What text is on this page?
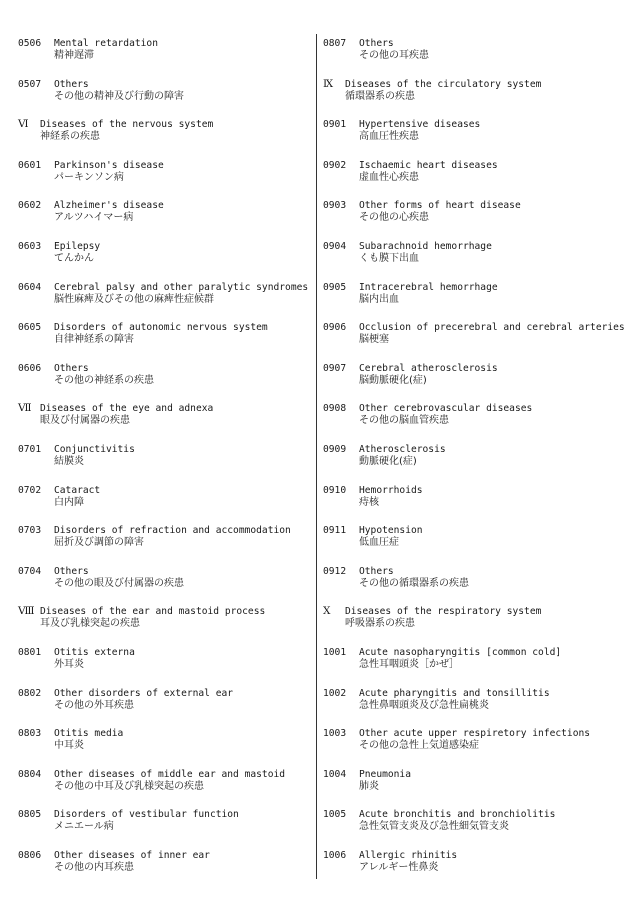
0506 Mental retardation
精神遅滞
0507 Others
その他の精神及び行動の障害
Ⅵ Diseases of the nervous system
神経系の疾患
0601 Parkinson's disease
パーキンソン病
0602 Alzheimer's disease
アルツハイマー病
0603 Epilepsy
てんかん
0604 Cerebral palsy and other paralytic syndromes
脳性麻痺及びその他の麻痺性症候群
0605 Disorders of autonomic nervous system
自律神経系の障害
0606 Others
その他の神経系の疾患
Ⅶ Diseases of the eye and adnexa
眼及び付属器の疾患
0701 Conjunctivitis
結膜炎
0702 Cataract
白内障
0703 Disorders of refraction and accommodation
屈折及び調節の障害
0704 Others
その他の眼及び付属器の疾患
Ⅷ Diseases of the ear and mastoid process
耳及び乳様突起の疾患
0801 Otitis externa
外耳炎
0802 Other disorders of external ear
その他の外耳疾患
0803 Otitis media
中耳炎
0804 Other diseases of middle ear and mastoid
その他の中耳及び乳様突起の疾患
0805 Disorders of vestibular function
メニエール病
0806 Other diseases of inner ear
その他の内耳疾患
0807 Others
その他の耳疾患
Ⅸ Diseases of the circulatory system
循環器系の疾患
0901 Hypertensive diseases
高血圧性疾患
0902 Ischaemic heart diseases
虚血性心疾患
0903 Other forms of heart disease
その他の心疾患
0904 Subarachnoid hemorrhage
くも膜下出血
0905 Intracerebral hemorrhage
脳内出血
0906 Occlusion of precerebral and cerebral arteries
脳梗塞
0907 Cerebral atherosclerosis
脳動脈硬化(症)
0908 Other cerebrovascular diseases
その他の脳血管疾患
0909 Atherosclerosis
動脈硬化(症)
0910 Hemorrhoids
痔核
0911 Hypotension
低血圧症
0912 Others
その他の循環器系の疾患
Ⅹ Diseases of the respiratory system
呼吸器系の疾患
1001 Acute nasopharyngitis [common cold]
急性耳咽頭炎［かぜ］
1002 Acute pharyngitis and tonsillitis
急性鼻咽頭炎及び急性扁桃炎
1003 Other acute upper respiretory infections
その他の急性上気道感染症
1004 Pneumonia
肺炎
1005 Acute bronchitis and bronchiolitis
急性気管支炎及び急性細気管支炎
1006 Allergic rhinitis
アレルギー性鼻炎
